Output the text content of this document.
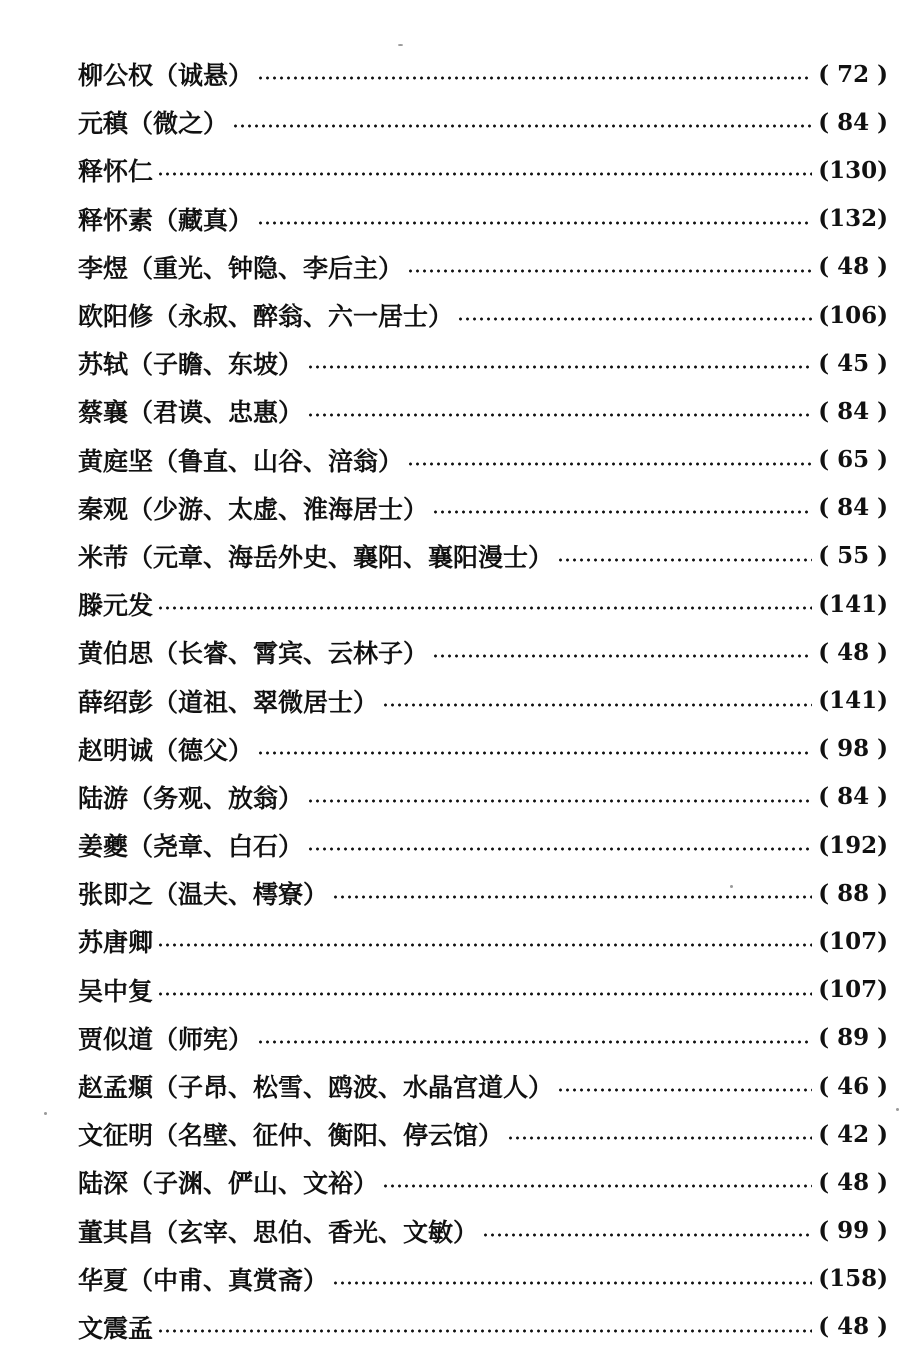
柳公权 （诚悬）	( 72 )
元稹 （微之）	( 84 )
释怀仁	(130)
释怀素 （藏真）	(132)
李煜 （重光、钟隐、李后主）	( 48 )
欧阳修 （永叔、醉翁、六一居士）	(106)
苏轼 （子瞻、东坡）	( 45 )
蔡襄 （君谟、忠惠）	( 84 )
黄庭坚 （鲁直、山谷、涪翁）	( 65 )
秦观 （少游、太虚、淮海居士）	( 84 )
米芾 （元章、海岳外史、襄阳、襄阳漫士）	( 55 )
滕元发	(141)
黄伯思 （长睿、霄宾、云林子）	( 48 )
薛绍彭 （道祖、翠微居士）	(141)
赵明诚 （德父）	( 98 )
陆游 （务观、放翁）	( 84 )
姜夔 （尧章、白石）	(192)
张即之 （温夫、樗寮）	( 88 )
苏唐卿	(107)
吴中复	(107)
贾似道 （师宪）	( 89 )
赵孟頫 （子昂、松雪、鸥波、水晶宫道人）	( 46 )
文征明 （名壁、征仲、衡阳、停云馆）	( 42 )
陆深 （子渊、俨山、文裕）	( 48 )
董其昌 （玄宰、思伯、香光、文敏）	( 99 )
华夏 （中甫、真赏斋）	(158)
文震孟	( 48 )
